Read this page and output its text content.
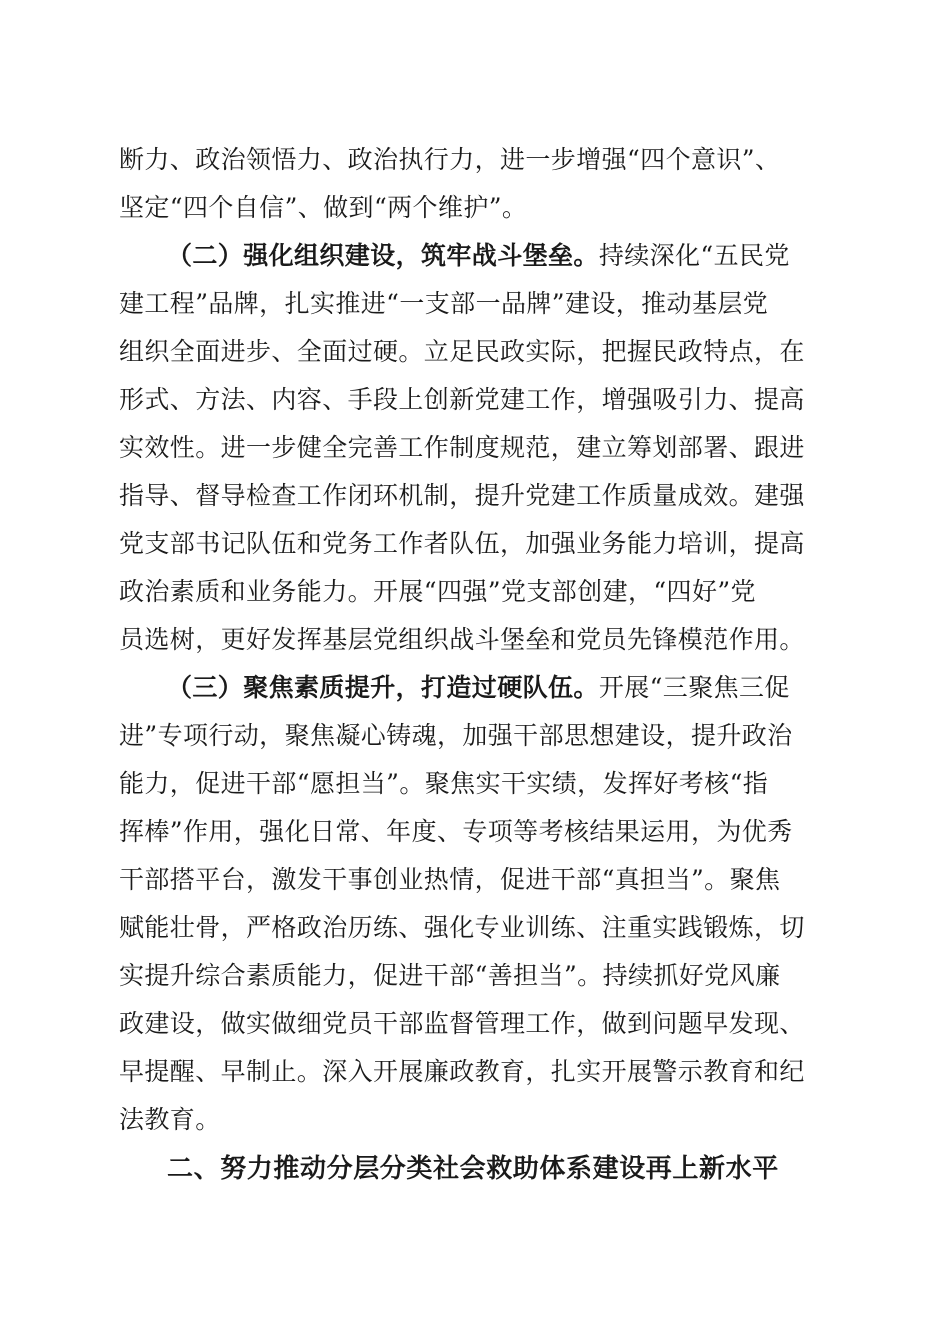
断力、政治领悟力、政治执行力，进一步增强“四个意识”、
坚定“四个自信”、做到“两个维护”。
（二）强化组织建设，筑牢战斗堡垒。持续深化“五民党
建工程”品牌，扎实推进“一支部一品牌”建设，推动基层党
组织全面进步、全面过硬。立足民政实际，把握民政特点，在
形式、方法、内容、手段上创新党建工作，增强吸引力、提高
实效性。进一步健全完善工作制度规范，建立筹划部署、跟进
指导、督导检查工作闭环机制，提升党建工作质量成效。建强
党支部书记队伍和党务工作者队伍，加强业务能力培训，提高
政治素质和业务能力。开展“四强”党支部创建，“四好”党
员选树，更好发挥基层党组织战斗堡垒和党员先锋模范作用。
（三）聚焦素质提升，打造过硬队伍。开展“三聚焦三促
进”专项行动，聚焦凝心铸魂，加强干部思想建设，提升政治
能力，促进干部“愿担当”。聚焦实干实绩，发挥好考核“指
挥棒”作用，强化日常、年度、专项等考核结果运用，为优秀
干部搭平台，激发干事创业热情，促进干部“真担当”。聚焦
赋能壮骨，严格政治历练、强化专业训练、注重实践锻炼，切
实提升综合素质能力，促进干部“善担当”。持续抓好党风廉
政建设，做实做细党员干部监督管理工作，做到问题早发现、
早提醒、早制止。深入开展廉政教育，扎实开展警示教育和纪
法教育。
二、努力推动分层分类社会救助体系建设再上新水平
